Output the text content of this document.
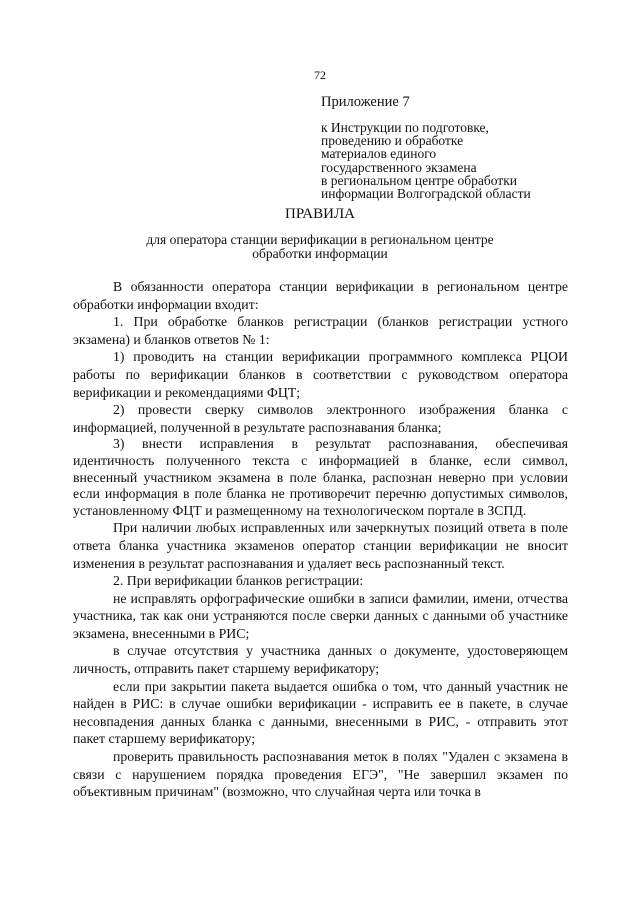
72
Приложение 7
к Инструкции по подготовке,
проведению и обработке
материалов единого
государственного экзамена
в региональном центре обработки
информации Волгоградской области
ПРАВИЛА
для оператора станции верификации в региональном центре
обработки информации

В обязанности оператора станции верификации в региональном центре обработки информации входит:

1. При обработке бланков регистрации (бланков регистрации устного экзамена) и бланков ответов № 1:

1) проводить на станции верификации программного комплекса РЦОИ работы по верификации бланков в соответствии с руководством оператора верификации и рекомендациями ФЦТ;

2) провести сверку символов электронного изображения бланка с информацией, полученной в результате распознавания бланка;

3) внести исправления в результат распознавания, обеспечивая идентичность полученного текста с информацией в бланке, если символ, внесенный участником экзамена в поле бланка, распознан неверно при условии если информация в поле бланка не противоречит перечню допустимых символов, установленному ФЦТ и размещенному на технологическом портале в ЗСПД.

При наличии любых исправленных или зачеркнутых позиций ответа в поле ответа бланка участника экзаменов оператор станции верификации не вносит изменения в результат распознавания и удаляет весь распознанный текст.

2. При верификации бланков регистрации:

не исправлять орфографические ошибки в записи фамилии, имени, отчества участника, так как они устраняются после сверки данных с данными об участнике экзамена, внесенными в РИС;

в случае отсутствия у участника данных о документе, удостоверяющем личность, отправить пакет старшему верификатору;

если при закрытии пакета выдается ошибка о том, что данный участник не найден в РИС: в случае ошибки верификации - исправить ее в пакете, в случае несовпадения данных бланка с данными, внесенными в РИС, - отправить этот пакет старшему верификатору;

проверить правильность распознавания меток в полях "Удален с экзамена в связи с нарушением порядка проведения ЕГЭ", "Не завершил экзамен по объективным причинам" (возможно, что случайная черта или точка в
